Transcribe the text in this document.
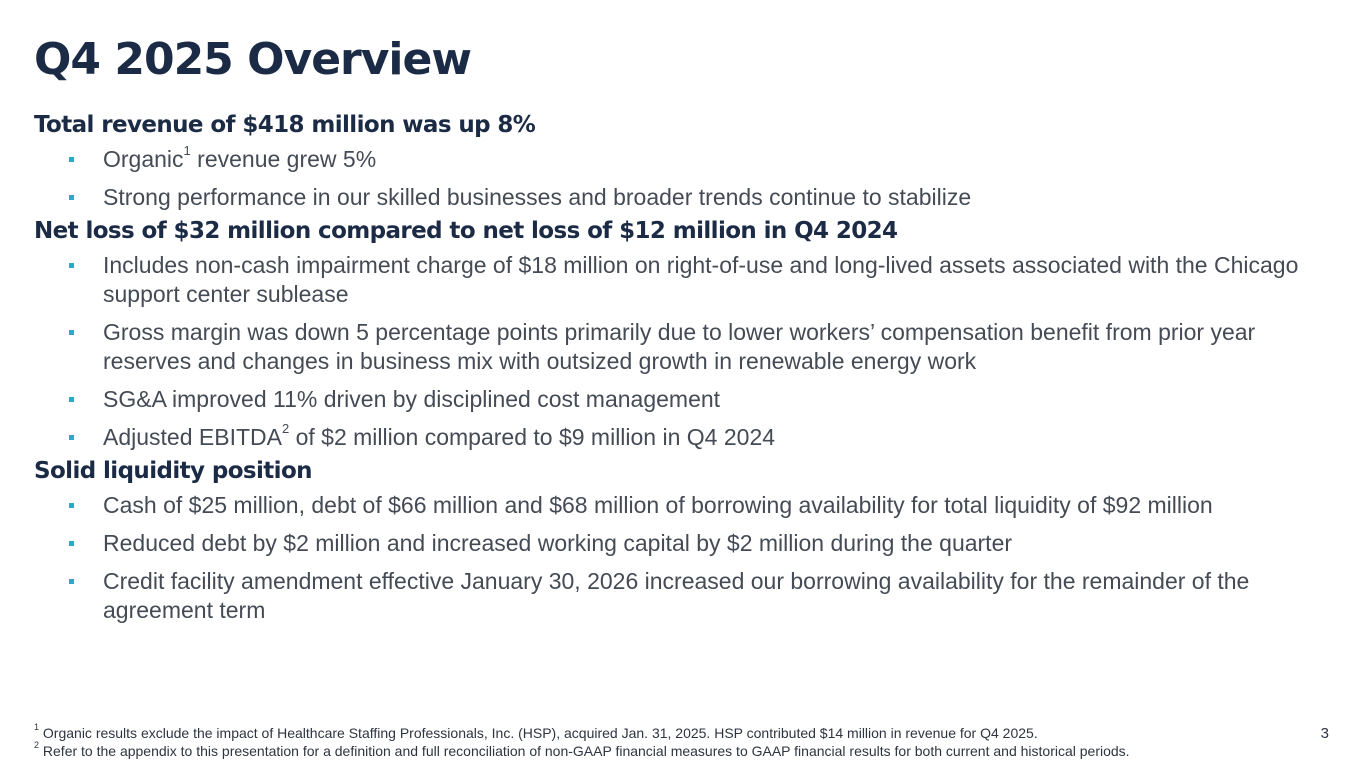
Q4 2025 Overview
Total revenue of $418 million was up 8%
Organic$^1$ revenue grew 5%
Strong performance in our skilled businesses and broader trends continue to stabilize
Net loss of $32 million compared to net loss of $12 million in Q4 2024
Includes non-cash impairment charge of $18 million on right-of-use and long-lived assets associated with the Chicago support center sublease
Gross margin was down 5 percentage points primarily due to lower workers’ compensation benefit from prior year reserves and changes in business mix with outsized growth in renewable energy work
SG&A improved 11% driven by disciplined cost management
Adjusted EBITDA$^2$ of $2 million compared to $9 million in Q4 2024
Solid liquidity position
Cash of $25 million, debt of $66 million and $68 million of borrowing availability for total liquidity of $92 million
Reduced debt by $2 million and increased working capital by $2 million during the quarter
Credit facility amendment effective January 30, 2026 increased our borrowing availability for the remainder of the agreement term
$^1$ Organic results exclude the impact of Healthcare Staffing Professionals, Inc. (HSP), acquired Jan. 31, 2025. HSP contributed $14 million in revenue for Q4 2025.
$^2$ Refer to the appendix to this presentation for a definition and full reconciliation of non-GAAP financial measures to GAAP financial results for both current and historical periods.
3
